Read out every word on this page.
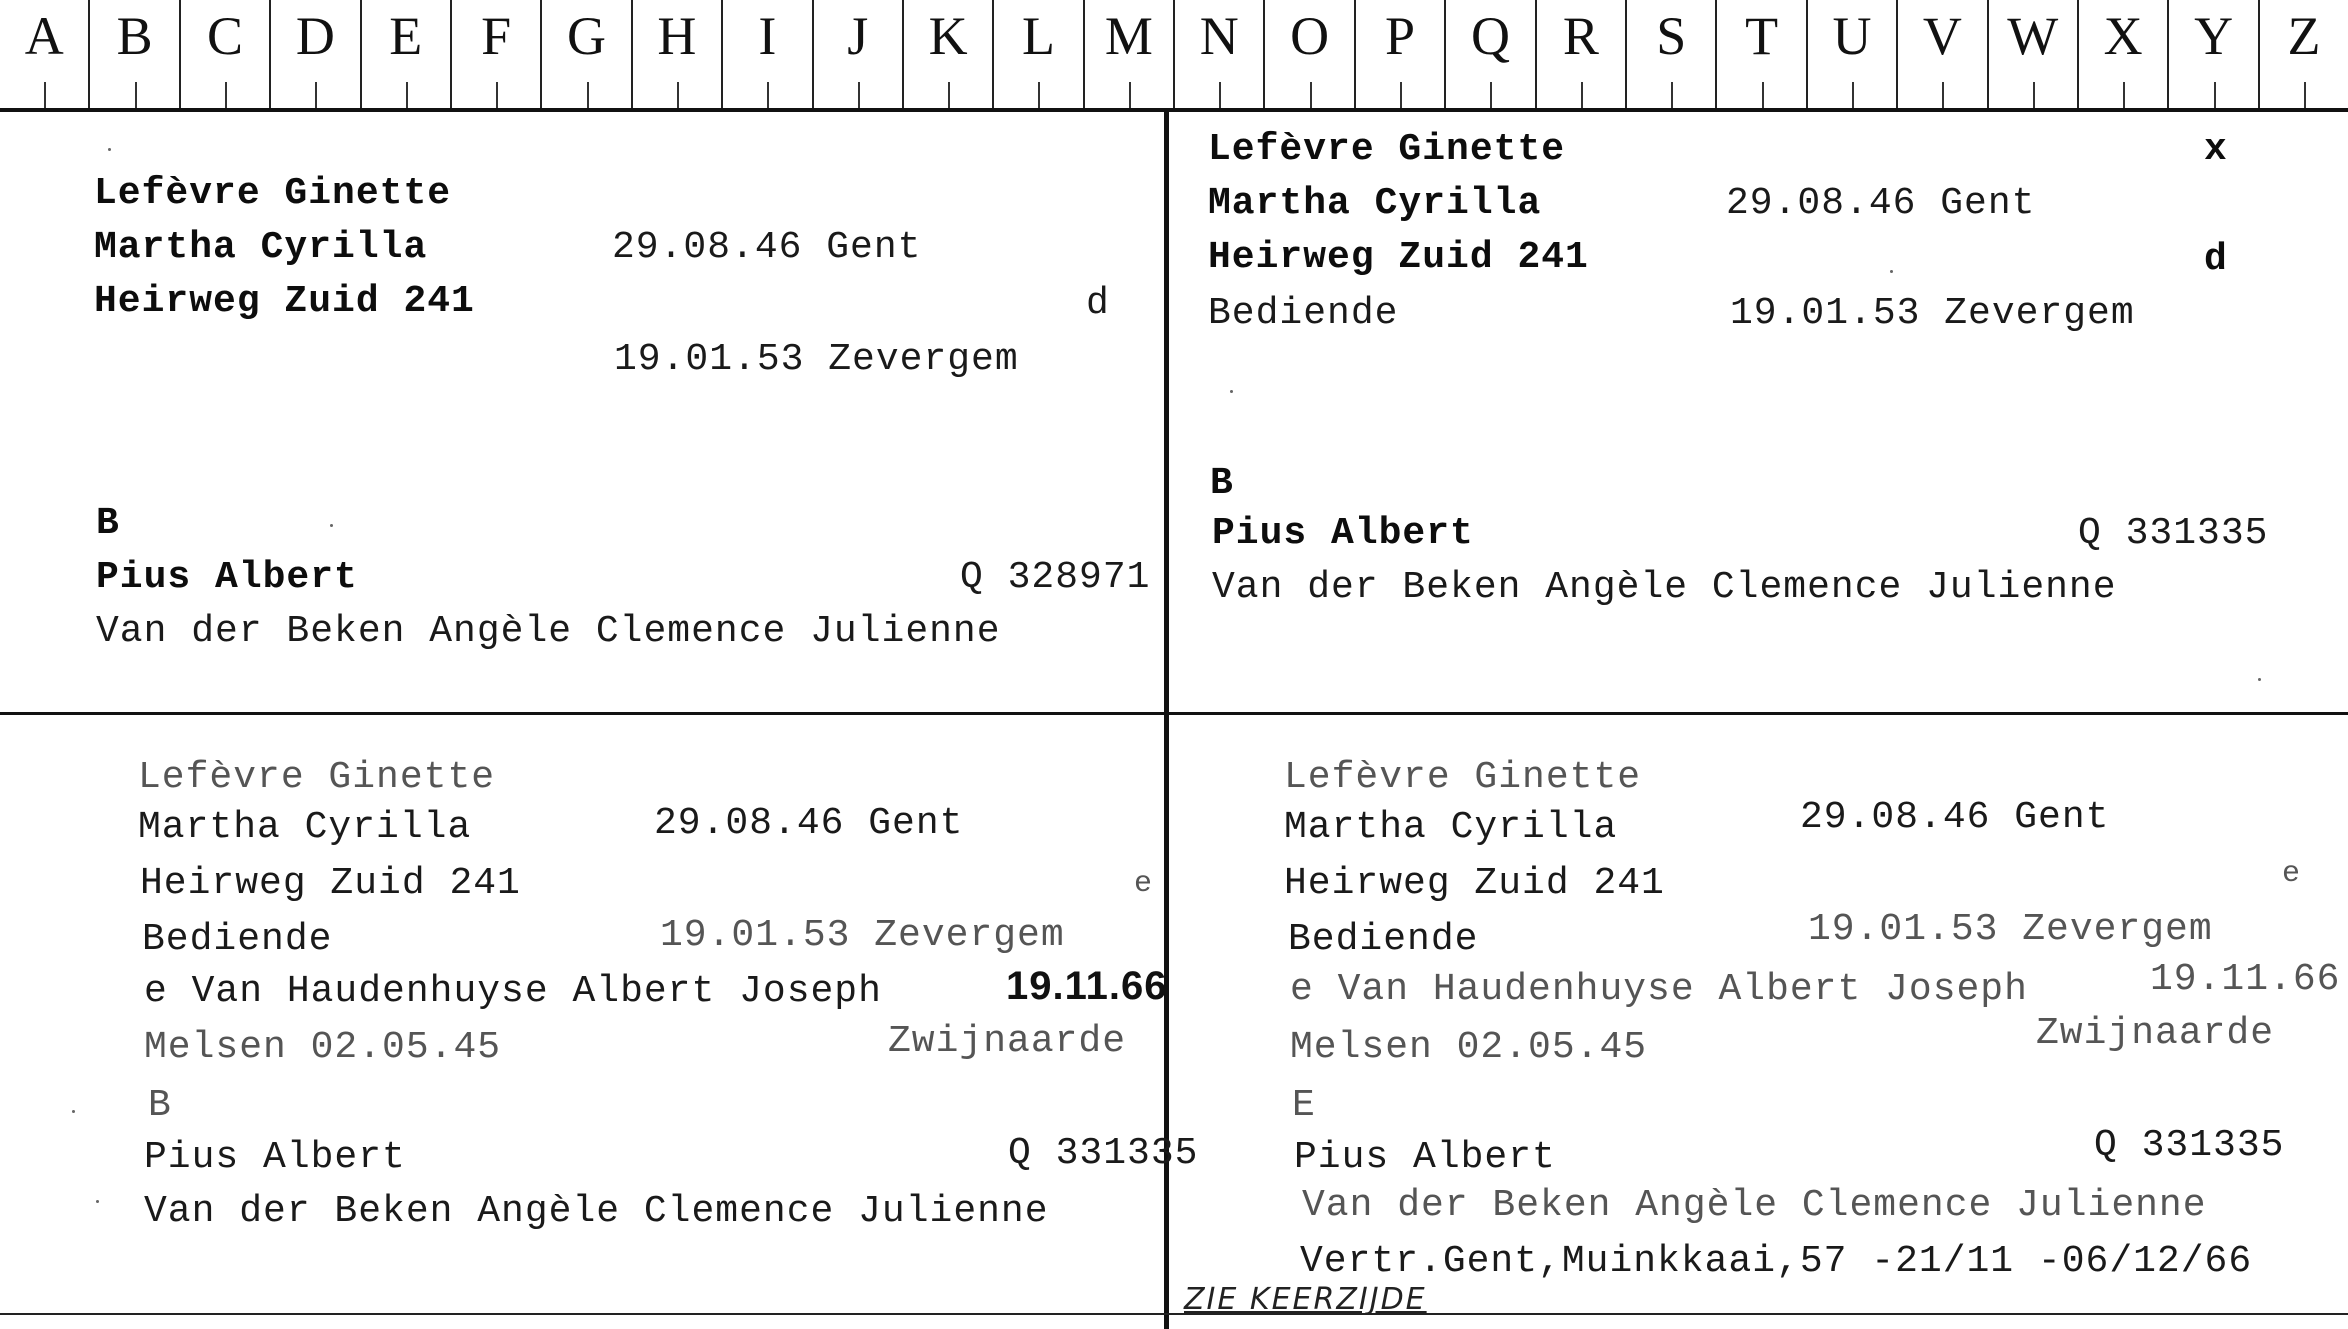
A B	C D	E	F	G H	I	J	K	L M N O	P	Q R	S	T	U V W X Y	Z
Lefèvre Ginette
Martha Cyrilla	29.08.46 Gent
Heirweg Zuid 241	d
19.01.53 Zevergem
B
Pius Albert	Q 328971
Van der Beken Angèle Clemence Julienne
Lefèvre Ginette	x
Martha Cyrilla	29.08.46 Gent
Heirweg Zuid 241	d
Bediende	19.01.53 Zevergem
B
Pius Albert	Q 331335
Van der Beken Angèle Clemence Julienne
Lefèvre Ginette
Martha Cyrilla	29.08.46 Gent
Heirweg Zuid 241	e
Bediende	19.01.53 Zevergem
e Van Haudenhuyse Albert Joseph	19.11.66
Melsen 02.05.45	Zwijnaarde
B
Pius Albert	Q 331335
Van der Beken Angèle Clemence Julienne
Lefèvre Ginette
Martha Cyrilla	29.08.46 Gent
Heirweg Zuid 241	e
Bediende	19.01.53 Zevergem
e Van Haudenhuyse Albert Joseph	19.11.66
Melsen 02.05.45	Zwijnaarde
E
Pius Albert	Q 331335
Van der Beken Angèle Clemence Julienne
Vertr.Gent,Muinkkaai,57 -21/11 -06/12/66
ZIE KEERZIJDE
